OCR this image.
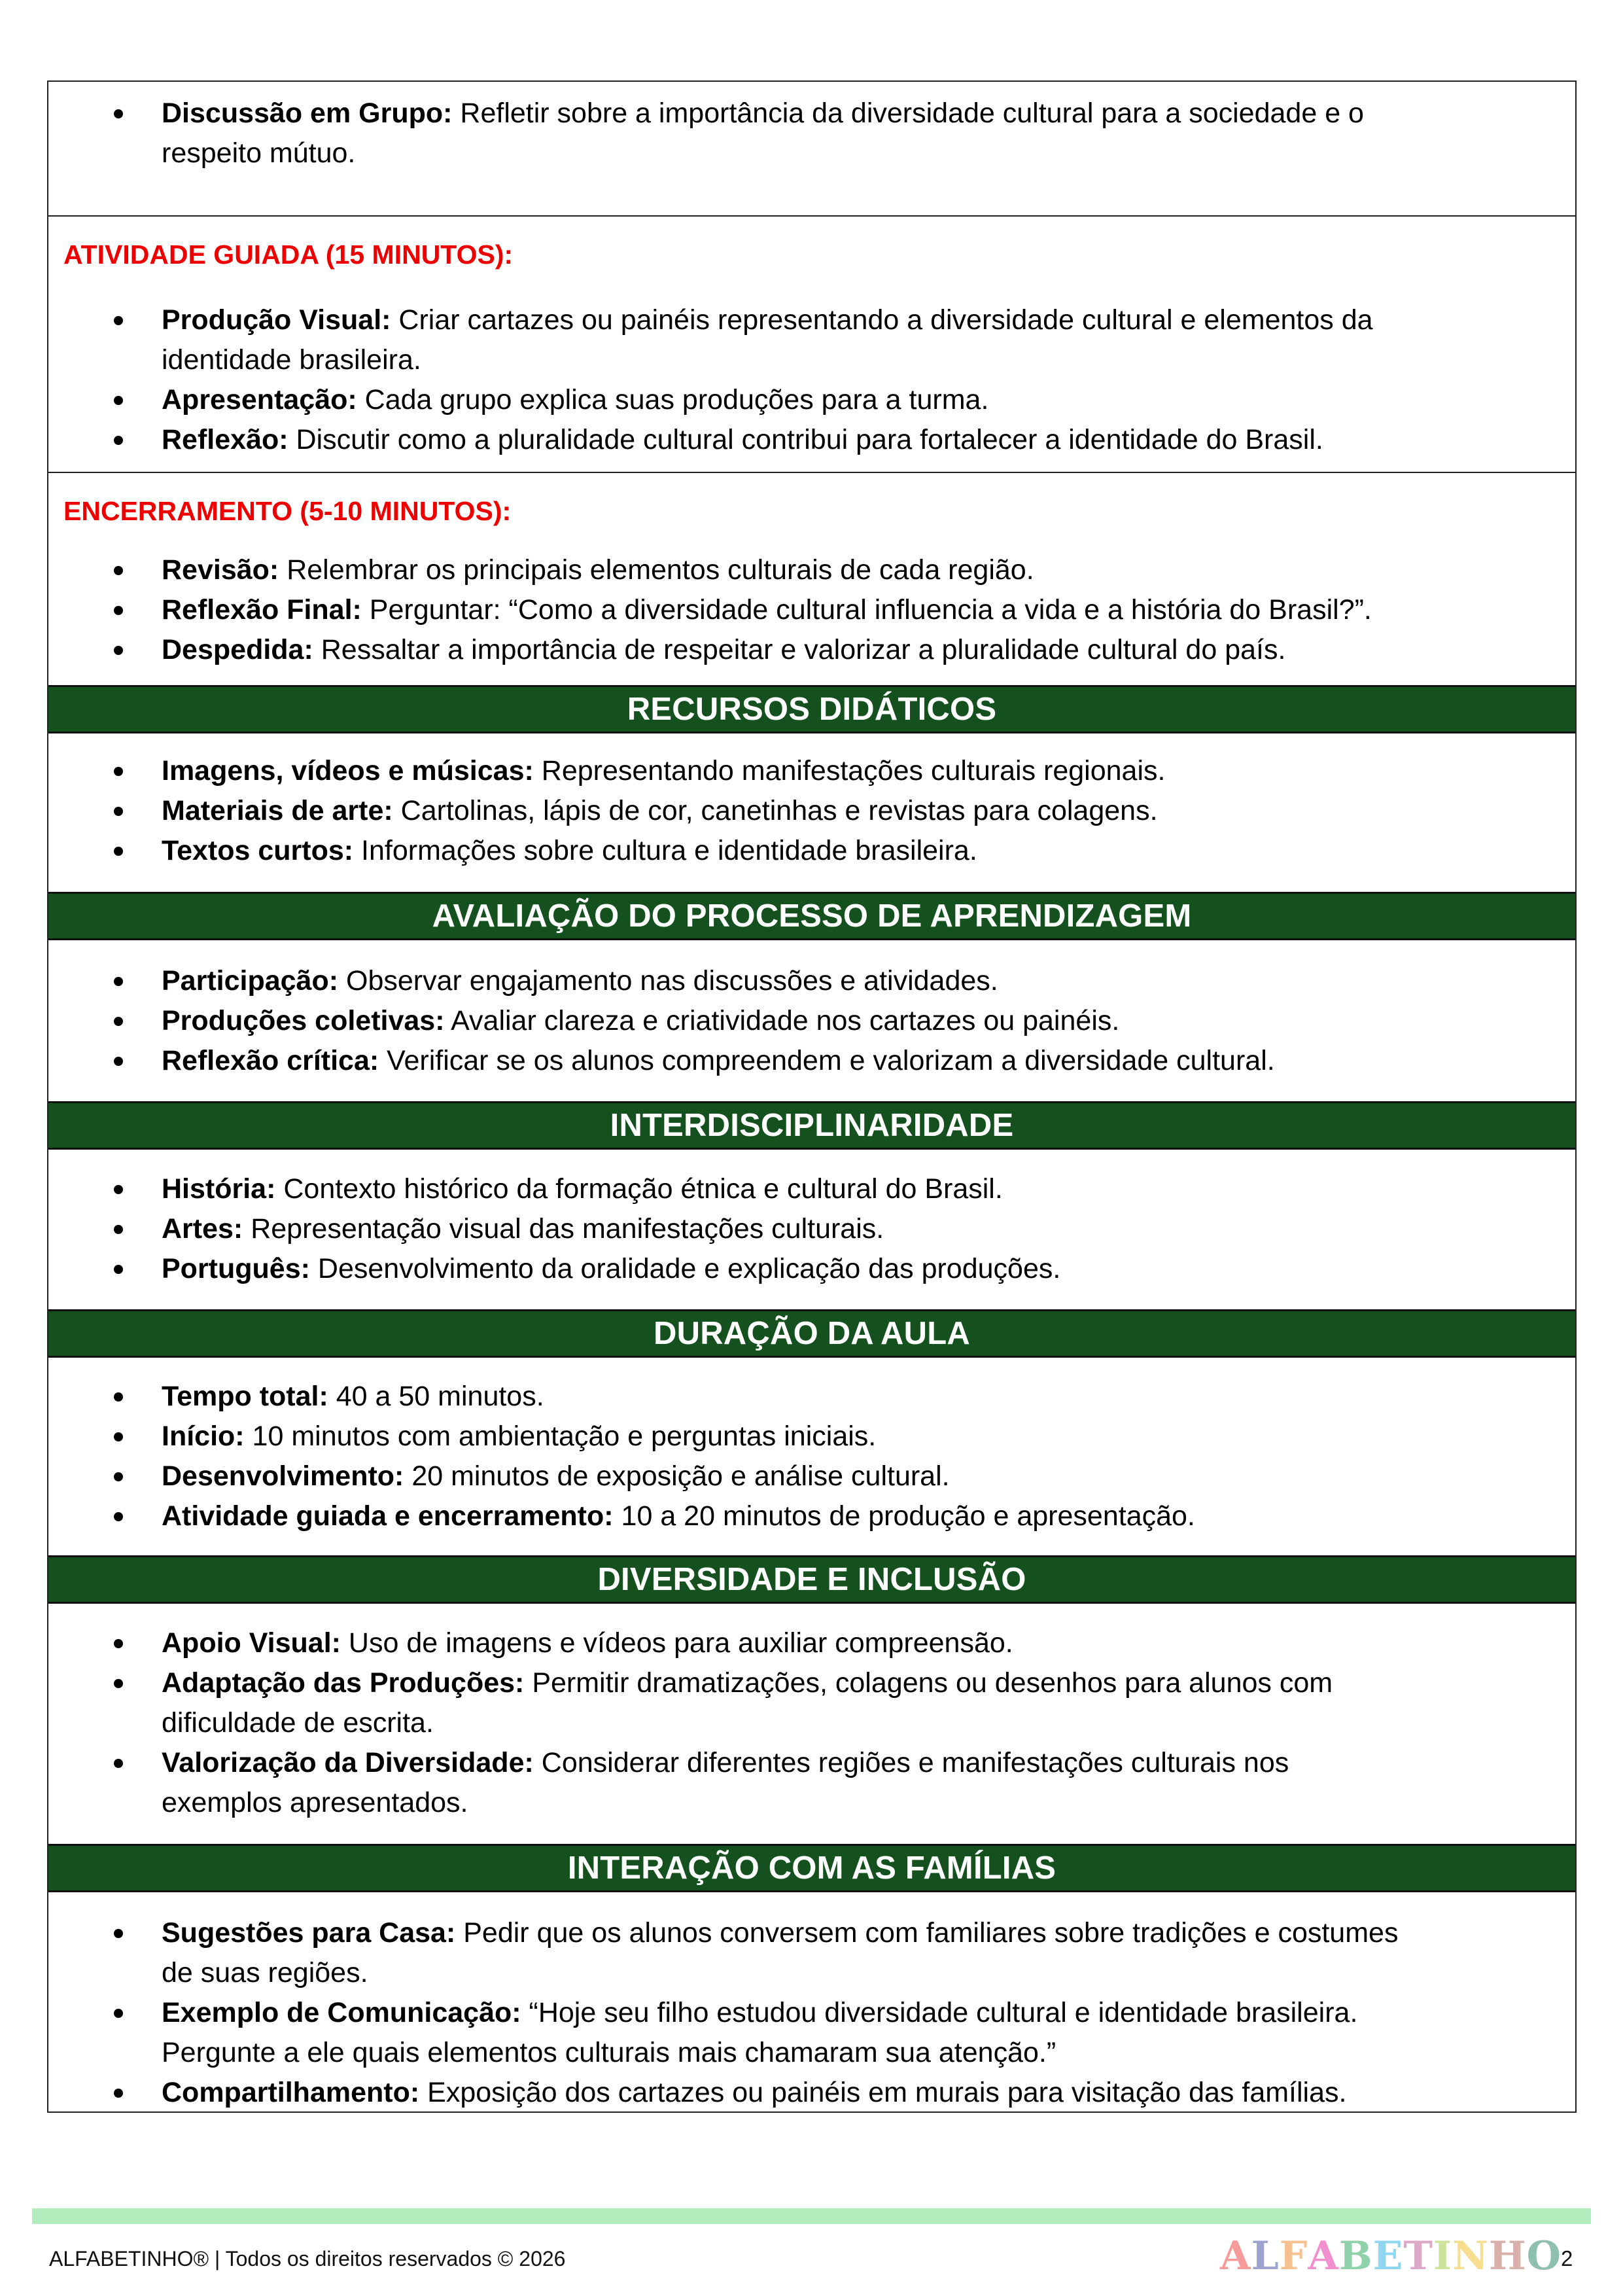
Discussão em Grupo: Refletir sobre a importância da diversidade cultural para a sociedade e o
respeito mútuo.
ATIVIDADE GUIADA (15 MINUTOS):
Produção Visual: Criar cartazes ou painéis representando a diversidade cultural e elementos da
identidade brasileira.
Apresentação: Cada grupo explica suas produções para a turma.
Reflexão: Discutir como a pluralidade cultural contribui para fortalecer a identidade do Brasil.
ENCERRAMENTO (5-10 MINUTOS):
Revisão: Relembrar os principais elementos culturais de cada região.
Reflexão Final: Perguntar: “Como a diversidade cultural influencia a vida e a história do Brasil?”.
Despedida: Ressaltar a importância de respeitar e valorizar a pluralidade cultural do país.
RECURSOS DIDÁTICOS
Imagens, vídeos e músicas: Representando manifestações culturais regionais.
Materiais de arte: Cartolinas, lápis de cor, canetinhas e revistas para colagens.
Textos curtos: Informações sobre cultura e identidade brasileira.
AVALIAÇÃO DO PROCESSO DE APRENDIZAGEM
Participação: Observar engajamento nas discussões e atividades.
Produções coletivas: Avaliar clareza e criatividade nos cartazes ou painéis.
Reflexão crítica: Verificar se os alunos compreendem e valorizam a diversidade cultural.
INTERDISCIPLINARIDADE
História: Contexto histórico da formação étnica e cultural do Brasil.
Artes: Representação visual das manifestações culturais.
Português: Desenvolvimento da oralidade e explicação das produções.
DURAÇÃO DA AULA
Tempo total: 40 a 50 minutos.
Início: 10 minutos com ambientação e perguntas iniciais.
Desenvolvimento: 20 minutos de exposição e análise cultural.
Atividade guiada e encerramento: 10 a 20 minutos de produção e apresentação.
DIVERSIDADE E INCLUSÃO
Apoio Visual: Uso de imagens e vídeos para auxiliar compreensão.
Adaptação das Produções: Permitir dramatizações, colagens ou desenhos para alunos com
dificuldade de escrita.
Valorização da Diversidade: Considerar diferentes regiões e manifestações culturais nos
exemplos apresentados.
INTERAÇÃO COM AS FAMÍLIAS
Sugestões para Casa: Pedir que os alunos conversem com familiares sobre tradições e costumes
de suas regiões.
Exemplo de Comunicação: “Hoje seu filho estudou diversidade cultural e identidade brasileira.
Pergunte a ele quais elementos culturais mais chamaram sua atenção.”
Compartilhamento: Exposição dos cartazes ou painéis em murais para visitação das famílias.
ALFABETINHO® | Todos os direitos reservados © 2026	ALFABETINHO 2
